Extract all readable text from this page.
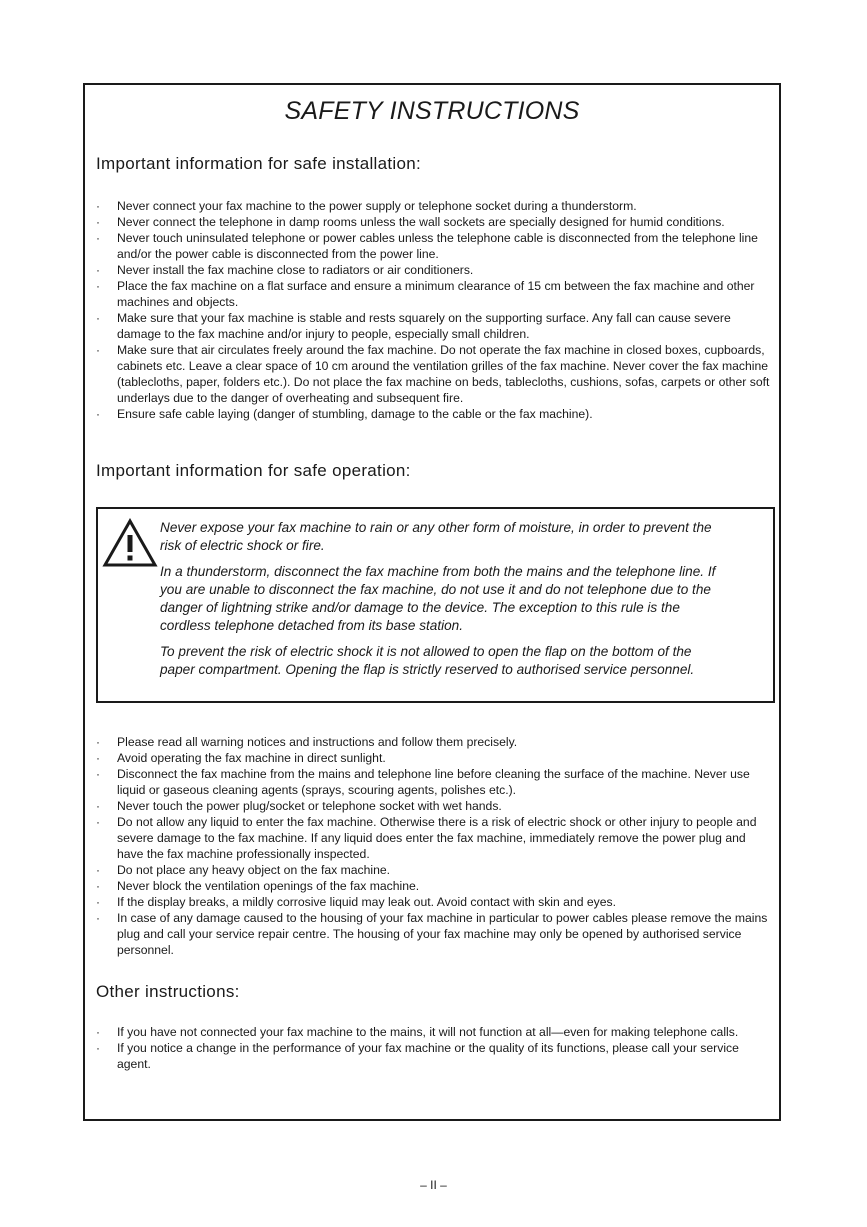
SAFETY INSTRUCTIONS
Important information for safe installation:
·	Never connect your fax machine to the power supply or telephone socket during a thunderstorm.
·	Never connect the telephone in damp rooms unless the wall sockets are specially designed for humid conditions.
·	Never touch uninsulated telephone or power cables unless the telephone cable is disconnected from the telephone line and/or the power cable is disconnected from the power line.
·	Never install the fax machine close to radiators or air conditioners.
·	Place the fax machine on a flat surface and ensure a minimum clearance of 15 cm between the fax machine and other machines and objects.
·	Make sure that your fax machine is stable and rests squarely on the supporting surface. Any fall can cause severe damage to the fax machine and/or injury to people, especially small children.
·	Make sure that air circulates freely around the fax machine. Do not operate the fax machine in closed boxes, cupboards, cabinets etc. Leave a clear space of 10 cm around the ventilation grilles of the fax machine. Never cover the fax machine (tablecloths, paper, folders etc.). Do not place the fax machine on beds, tablecloths, cushions, sofas, carpets or other soft underlays due to the danger of overheating and subsequent fire.
·	Ensure safe cable laying (danger of stumbling, damage to the cable or the fax machine).
Important information for safe operation:

Never expose your fax machine to rain or any other form of moisture, in order to prevent the risk of electric shock or fire.

In a thunderstorm, disconnect the fax machine from both the mains and the telephone line. If you are unable to disconnect the fax machine, do not use it and do not telephone due to the danger of lightning strike and/or damage to the device. The exception to this rule is the cordless telephone detached from its base station.

To prevent the risk of electric shock it is not allowed to open the flap on the bottom of the paper compartment. Opening the flap is strictly reserved to authorised service personnel.

·	Please read all warning notices and instructions and follow them precisely.
·	Avoid operating the fax machine in direct sunlight.
·	Disconnect the fax machine from the mains and telephone line before cleaning the surface of the machine. Never use liquid or gaseous cleaning agents (sprays, scouring agents, polishes etc.).
·	Never touch the power plug/socket or telephone socket with wet hands.
·	Do not allow any liquid to enter the fax machine. Otherwise there is a risk of electric shock or other injury to people and severe damage to the fax machine. If any liquid does enter the fax machine, immediately remove the power plug and have the fax machine professionally inspected.
·	Do not place any heavy object on the fax machine.
·	Never block the ventilation openings of the fax machine.
·	If the display breaks, a mildly corrosive liquid may leak out. Avoid contact with skin and eyes.
·	In case of any damage caused to the housing of your fax machine in particular to power cables please remove the mains plug and call your service repair centre. The housing of your fax machine may only be opened by authorised service personnel.
Other instructions:
·	If you have not connected your fax machine to the mains, it will not function at all—even for making telephone calls.
·	If you notice a change in the performance of your fax machine or the quality of its functions, please call your service agent.
– II –
